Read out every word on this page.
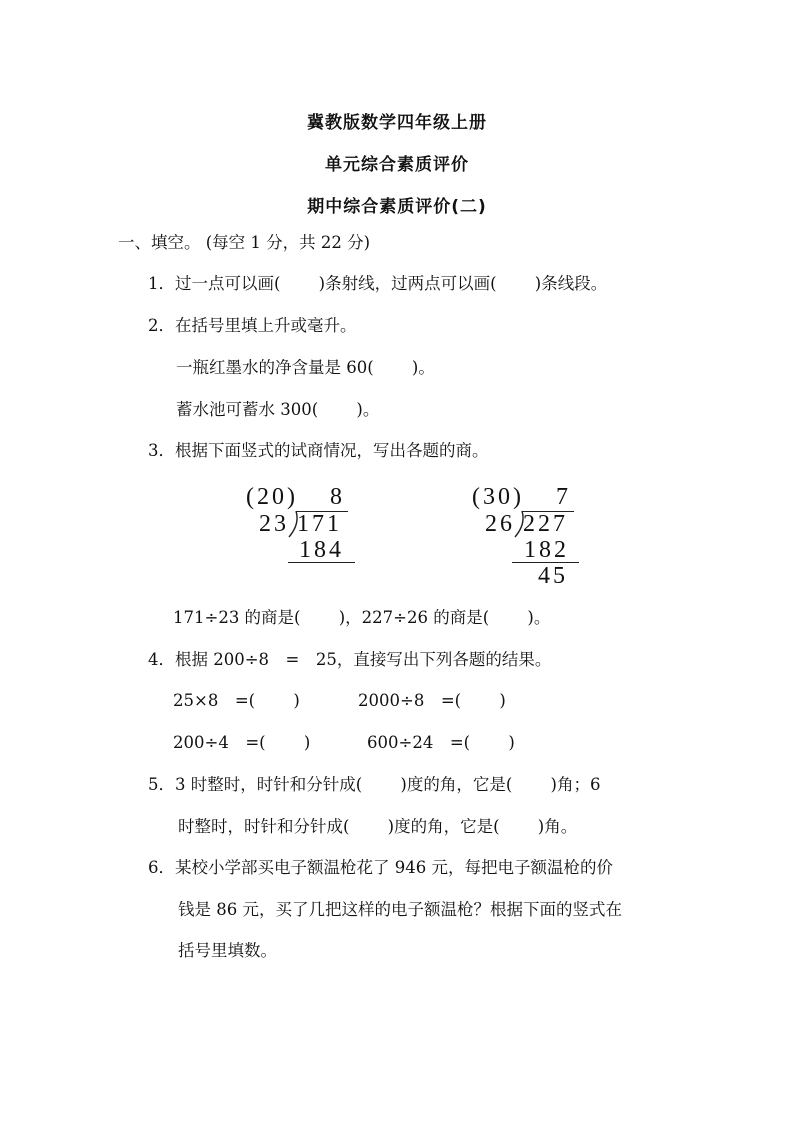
冀教版数学四年级上册
单元综合素质评价
期中综合素质评价(二)
一、填空。 (每空 1 分，共 22 分)
1．过一点可以画(　　 )条射线，过两点可以画(　　 )条线段。
2．在括号里填上升或毫升。
一瓶红墨水的净含量是 60(　　 )。
蓄水池可蓄水 300(　　 )。
3．根据下面竖式的试商情况，写出各题的商。
(20) 8
23 171
184
(30) 7
26 227
182
45
171÷23 的商是(　　 )，227÷26 的商是(　　 )。
4．根据 200÷8　=　25，直接写出下列各题的结果。
25×8　=(　　 )	2000÷8　=(　　 )
200÷4　=(　　 )	600÷24　=(　　 )
5．3 时整时，时针和分针成(　　 )度的角，它是(　　 )角；6
时整时，时针和分针成(　　 )度的角，它是(　　 )角。
6．某校小学部买电子额温枪花了 946 元，每把电子额温枪的价
钱是 86 元，买了几把这样的电子额温枪？根据下面的竖式在
括号里填数。
